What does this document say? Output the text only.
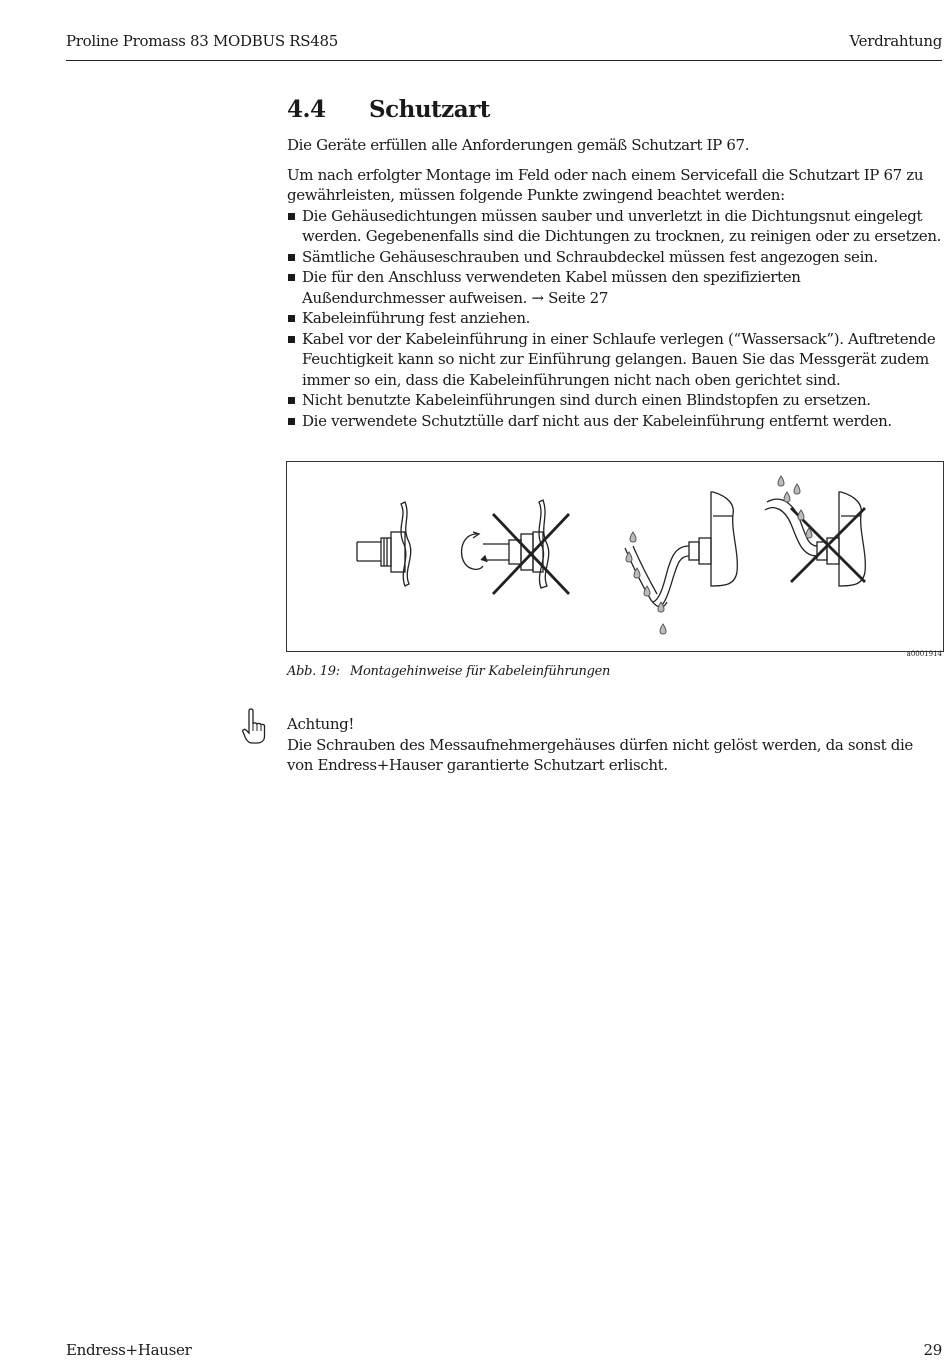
Proline Promass 83 MODBUS RS485	Verdrahtung
4.4	Schutzart

Die Geräte erfüllen alle Anforderungen gemäß Schutzart IP 67.

Um nach erfolgter Montage im Feld oder nach einem Servicefall die Schutzart IP 67 zu gewährleisten, müssen folgende Punkte zwingend beachtet werden:

Die Gehäusedichtungen müssen sauber und unverletzt in die Dichtungsnut eingelegt werden. Gegebenenfalls sind die Dichtungen zu trocknen, zu reinigen oder zu ersetzen.
Sämtliche Gehäuseschrauben und Schraubdeckel müssen fest angezogen sein.
Die für den Anschluss verwendeten Kabel müssen den spezifizierten Außendurchmesser aufweisen. → Seite 27
Kabeleinführung fest anziehen.
Kabel vor der Kabeleinführung in einer Schlaufe verlegen (“Wassersack”). Auftretende Feuchtigkeit kann so nicht zur Einführung gelangen. Bauen Sie das Messgerät zudem immer so ein, dass die Kabeleinführungen nicht nach oben gerichtet sind.
Nicht benutzte Kabeleinführungen sind durch einen Blindstopfen zu ersetzen.
Die verwendete Schutztülle darf nicht aus der Kabeleinführung entfernt werden.
a0001914
Abb. 19: Montagehinweise für Kabeleinführungen

Achtung!

Die Schrauben des Messaufnehmergehäuses dürfen nicht gelöst werden, da sonst die von Endress+Hauser garantierte Schutzart erlischt.

Endress+Hauser	29
